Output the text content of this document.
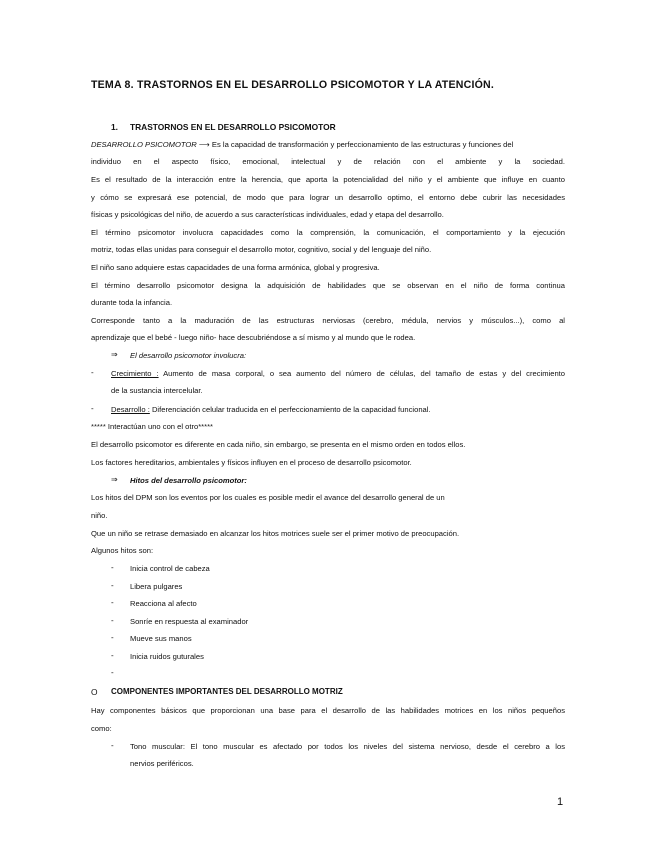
TEMA 8. TRASTORNOS EN EL DESARROLLO PSICOMOTOR Y LA ATENCIÓN.
1. TRASTORNOS EN EL DESARROLLO PSICOMOTOR
DESARROLLO PSICOMOTOR ⟶ Es la capacidad de transformación y perfeccionamiento de las estructuras y funciones del
individuo en el aspecto físico, emocional, intelectual y de relación con el ambiente y la sociedad.
Es el resultado de la interacción entre la herencia, que aporta la potencialidad del niño y el ambiente que influye en cuanto
y cómo se expresará ese potencial, de modo que para lograr un desarrollo optimo, el entorno debe cubrir las necesidades
físicas y psicológicas del niño, de acuerdo a sus características individuales, edad y etapa del desarrollo.
El término psicomotor involucra capacidades como la comprensión, la comunicación, el comportamiento y la ejecución
motriz, todas ellas unidas para conseguir el desarrollo motor, cognitivo, social y del lenguaje del niño.
El niño sano adquiere estas capacidades de una forma armónica, global y progresiva.
El término desarrollo psicomotor designa la adquisición de habilidades que se observan en el niño de forma continua
durante toda la infancia.
Corresponde tanto a la maduración de las estructuras nerviosas (cerebro, médula, nervios y músculos...), como al
aprendizaje que el bebé - luego niño- hace descubriéndose a sí mismo y al mundo que le rodea.
⇒ El desarrollo psicomotor involucra:
- Crecimiento : Aumento de masa corporal, o sea aumento del número de células, del tamaño de estas y del crecimiento
de la sustancia intercelular.
- Desarrollo : Diferenciación celular traducida en el perfeccionamiento de la capacidad funcional.
***** Interactúan uno con el otro*****
El desarrollo psicomotor es diferente en cada niño, sin embargo, se presenta en el mismo orden en todos ellos.
Los factores hereditarios, ambientales y físicos influyen en el proceso de desarrollo psicomotor.
⇒ Hitos del desarrollo psicomotor:
Los hitos del DPM son los eventos por los cuales es posible medir el avance del desarrollo general de un
niño.
Que un niño se retrase demasiado en alcanzar los hitos motrices suele ser el primer motivo de preocupación.
Algunos hitos son:
- Inicia control de cabeza
- Libera pulgares
- Reacciona al afecto
- Sonríe en respuesta al examinador
- Mueve sus manos
- Inicia ruidos guturales
-
O COMPONENTES IMPORTANTES DEL DESARROLLO MOTRIZ
Hay componentes básicos que proporcionan una base para el desarrollo de las habilidades motrices en los niños pequeños
como:
- Tono muscular: El tono muscular es afectado por todos los niveles del sistema nervioso, desde el cerebro a los
nervios periféricos.
1
